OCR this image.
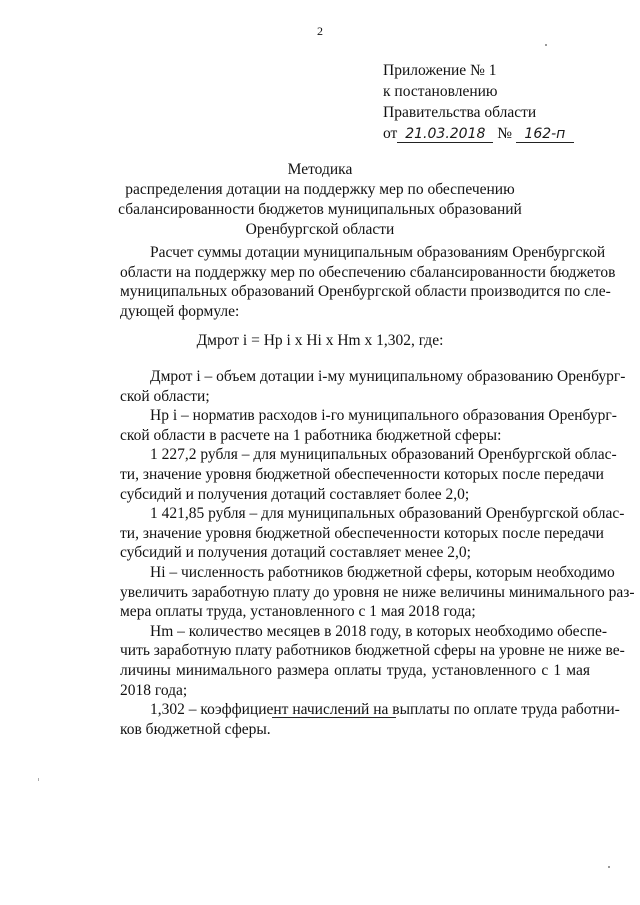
2
Приложение № 1
к постановлению
Правительства области
от 21.03.2018 № 162-п
Методика
распределения дотации на поддержку мер по обеспечению
сбалансированности бюджетов муниципальных образований
Оренбургской области
Расчет суммы дотации муниципальным образованиям Оренбургской
области на поддержку мер по обеспечению сбалансированности бюджетов
муниципальных образований Оренбургской области производится по сле-
дующей формуле:
Дмрот i = Нр i х Нi х Нm х 1,302, где:
Дмрот i – объем дотации i-му муниципальному образованию Оренбург-
ской области;
Нр i – норматив расходов i-го муниципального образования Оренбург-
ской области в расчете на 1 работника бюджетной сферы:
1 227,2 рубля – для муниципальных образований Оренбургской облас-
ти, значение уровня бюджетной обеспеченности которых после передачи
субсидий и получения дотаций составляет более 2,0;
1 421,85 рубля – для муниципальных образований Оренбургской облас-
ти, значение уровня бюджетной обеспеченности которых после передачи
субсидий и получения дотаций составляет менее 2,0;
Нi – численность работников бюджетной сферы, которым необходимо
увеличить заработную плату до уровня не ниже величины минимального раз-
мера оплаты труда, установленного с 1 мая 2018 года;
Нm – количество месяцев в 2018 году, в которых необходимо обеспе-
чить заработную плату работников бюджетной сферы на уровне не ниже ве-
личины минимального размера оплаты труда, установленного с 1 мая
2018 года;
1,302 – коэффициент начислений на выплаты по оплате труда работни-
ков бюджетной сферы.
